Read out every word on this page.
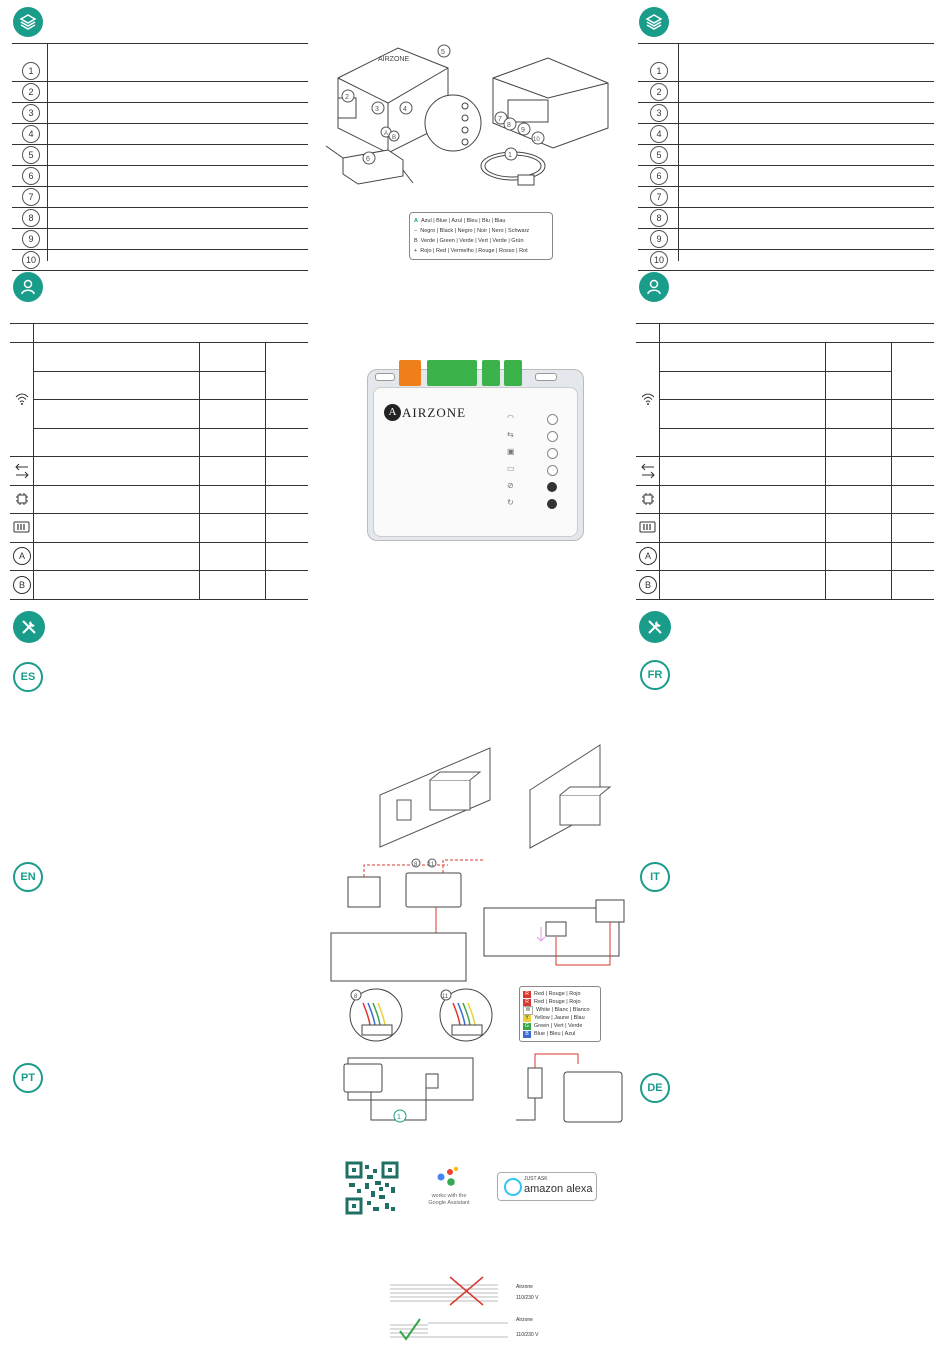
1
2
3
4
5
6
7
8
9
10
A
B
ES
EN
PT
1
2
3
4
5
6
7
8
9
10
A
B
FR
IT
DE
AIRZONE
2
3	4
5
A
B
6
7
8
9
10
1
A Azul | Blue | Azul | Bleu | Blu | Blau
− Negro | Black | Negro | Noir | Nero | Schwarz
B Verde | Green | Verde | Vert | Verde | Grün
+ Rojo | Red | Vermelho | Rouge | Rosso | Rot
A AIRZONE	◠
⇆
▣
▭
⊘
↻
8 11
8	11
R Red | Rouge | Rojo
R Red | Rouge | Rojo
W	White | Blanc | Blanco
Y Yellow | Jaune | Blau
G Green | Vert | Verde
B Blue | Bleu | Azul
1
works with the
Google Assistant
JUST ASK
amazon alexa
Airzone
110/230 V
Airzone
110/230 V
